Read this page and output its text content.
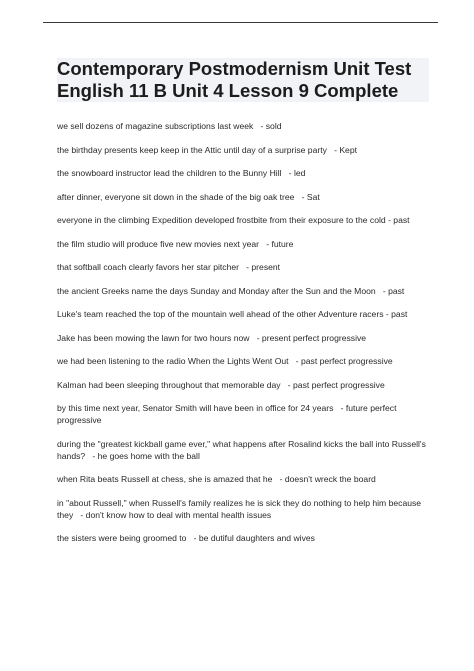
Contemporary Postmodernism Unit Test
English 11 B Unit 4 Lesson 9 Complete
we sell dozens of magazine subscriptions last week - sold
the birthday presents keep keep in the Attic until day of a surprise party - Kept
the snowboard instructor lead the children to the Bunny Hill - led
after dinner, everyone sit down in the shade of the big oak tree - Sat
everyone in the climbing Expedition developed frostbite from their exposure to the cold - past
the film studio will produce five new movies next year - future
that softball coach clearly favors her star pitcher - present
the ancient Greeks name the days Sunday and Monday after the Sun and the Moon - past
Luke's team reached the top of the mountain well ahead of the other Adventure racers - past
Jake has been mowing the lawn for two hours now - present perfect progressive
we had been listening to the radio When the Lights Went Out - past perfect progressive
Kalman had been sleeping throughout that memorable day - past perfect progressive
by this time next year, Senator Smith will have been in office for 24 years - future perfect progressive
during the "greatest kickball game ever," what happens after Rosalind kicks the ball into Russell's hands? - he goes home with the ball
when Rita beats Russell at chess, she is amazed that he - doesn't wreck the board
in "about Russell," when Russell's family realizes he is sick they do nothing to help him because they - don't know how to deal with mental health issues
the sisters were being groomed to - be dutiful daughters and wives
